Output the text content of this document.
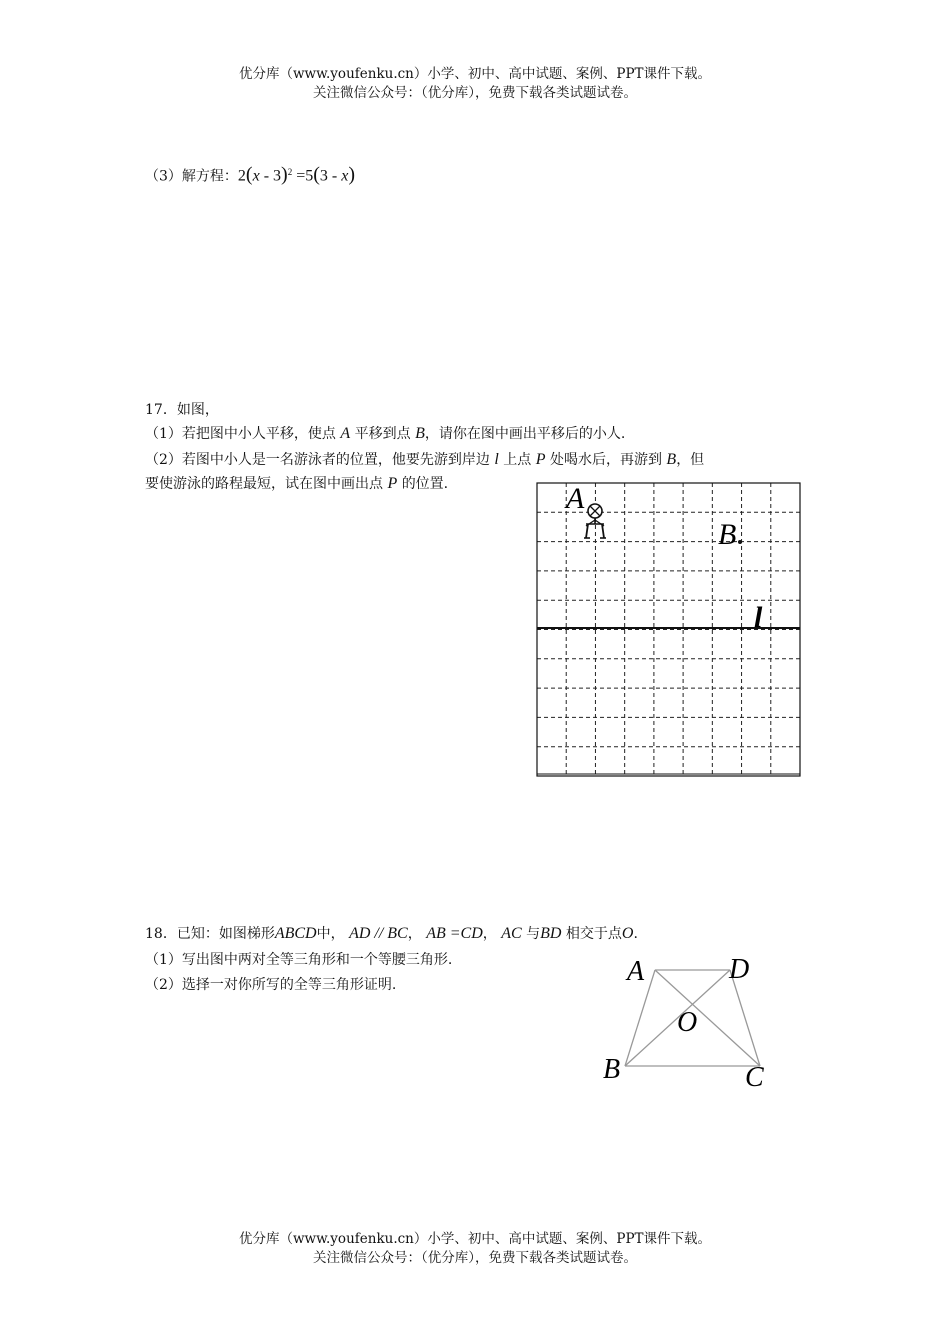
优分库（www.youfenku.cn）小学、初中、高中试题、案例、PPT课件下载。
关注微信公众号：（优分库），免费下载各类试题试卷。
（3）解方程：2(x - 3)$^2$ =5(3 - x)
17．如图，
（1）若把图中小人平移，使点 A 平移到点 B，请你在图中画出平移后的小人.
（2）若图中小人是一名游泳者的位置，他要先游到岸边 l 上点 P 处喝水后，再游到 B，但
要使游泳的路程最短，试在图中画出点 P 的位置.	A
B
l
18．已知：如图梯形ABCD中， AD // BC， AB =CD， AC 与BD 相交于点O.
（1）写出图中两对全等三角形和一个等腰三角形.
（2）选择一对你所写的全等三角形证明.	A	D
O
B	C
优分库（www.youfenku.cn）小学、初中、高中试题、案例、PPT课件下载。
关注微信公众号：（优分库），免费下载各类试题试卷。
